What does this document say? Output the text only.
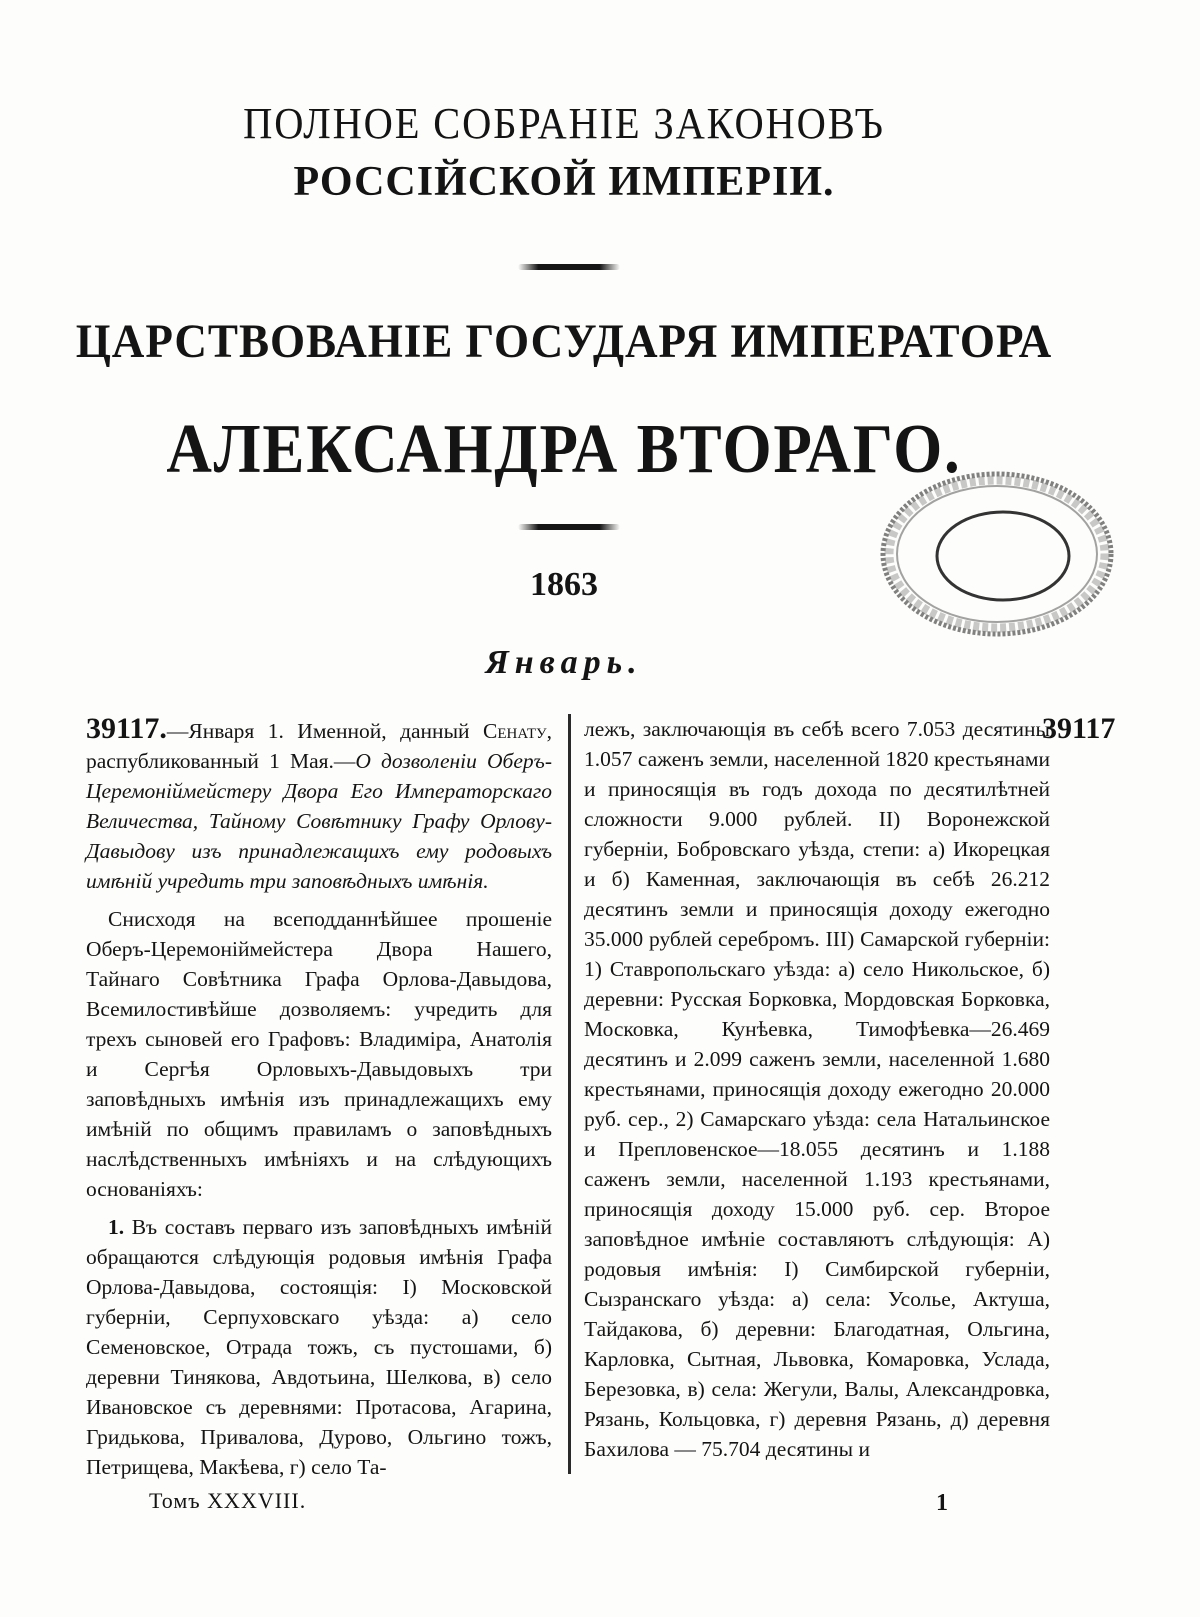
ПОЛНОЕ СОБРАНІЕ ЗАКОНОВЪ
РОССІЙСКОЙ ИМПЕРІИ.
ЦАРСТВОВАНІЕ ГОСУДАРЯ ИМПЕРАТОРА
АЛЕКСАНДРА ВТОРАГО.
1863
Январь.

39117.—Января 1. Именной, данный Сенату, распубликованный 1 Мая.—О дозволеніи Оберъ-Церемоніймейстеру Двора Его Императорскаго Величества, Тайному Совѣтнику Графу Орлову-Давыдову изъ принадлежащихъ ему родовыхъ имѣній учредить три заповѣдныхъ имѣнія.

Снисходя на всеподданнѣйшее прошеніе Оберъ-Церемоніймейстера Двора Нашего, Тайнаго Совѣтника Графа Орлова-Давыдова, Всемилостивѣйше дозволяемъ: учредить для трехъ сыновей его Графовъ: Владиміра, Анатолія и Сергѣя Орловыхъ-Давыдовыхъ три заповѣдныхъ имѣнія изъ принадлежащихъ ему имѣній по общимъ правиламъ о заповѣдныхъ наслѣдственныхъ имѣніяхъ и на слѣдующихъ основаніяхъ:

1. Въ составъ перваго изъ заповѣдныхъ имѣній обращаются слѣдующія родовыя имѣнія Графа Орлова-Давыдова, состоящія: I) Московской губерніи, Серпуховскаго уѣзда: а) село Семеновское, Отрада тожъ, съ пустошами, б) деревни Тинякова, Авдотьина, Шелкова, в) село Ивановское съ деревнями: Протасова, Агарина, Гридькова, Привалова, Дурово, Ольгино тожъ, Петрищева, Макѣева, г) село Та-

39117

лежъ, заключающія въ себѣ всего 7.053 десятины 1.057 саженъ земли, населенной 1820 крестьянами и приносящія въ годъ дохода по десятилѣтней сложности 9.000 рублей. II) Воронежской губерніи, Бобровскаго уѣзда, степи: а) Икорецкая и б) Каменная, заключающія въ себѣ 26.212 десятинъ земли и приносящія доходу ежегодно 35.000 рублей серебромъ. III) Самарской губерніи: 1) Ставропольскаго уѣзда: а) село Никольское, б) деревни: Русская Борковка, Мордовская Борковка, Московка, Кунѣевка, Тимофѣевка—26.469 десятинъ и 2.099 саженъ земли, населенной 1.680 крестьянами, приносящія доходу ежегодно 20.000 руб. сер., 2) Самарскаго уѣзда: села Натальинское и Преплoвенское—18.055 десятинъ и 1.188 саженъ земли, населенной 1.193 крестьянами, приносящія доходу 15.000 руб. сер. Второе заповѣдное имѣніе составляютъ слѣдующія: А) родовыя имѣнія: I) Симбирской губерніи, Сызранскаго уѣзда: а) села: Усолье, Актуша, Тайдакова, б) деревни: Благодатная, Ольгина, Карловка, Сытная, Львовка, Комаровка, Услада, Березовка, в) села: Жегули, Валы, Александровка, Рязань, Кольцовка, г) деревня Рязань, д) деревня Бахилова — 75.704 десятины и

Томъ XXXVIII.	1
